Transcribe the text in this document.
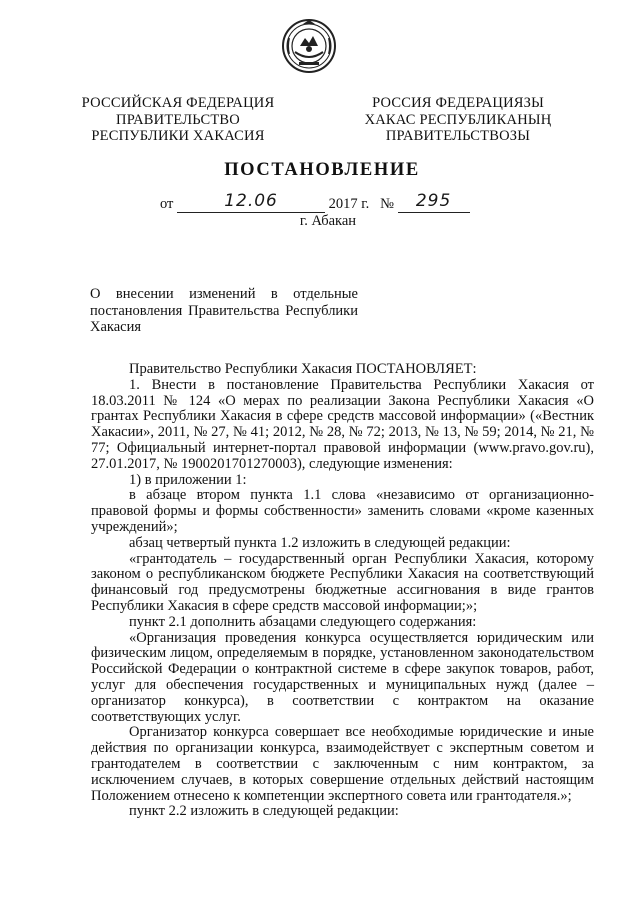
РОССИЙСКАЯ ФЕДЕРАЦИЯ
ПРАВИТЕЛЬСТВО
РЕСПУБЛИКИ ХАКАСИЯ
РОССИЯ ФЕДЕРАЦИЯЗЫ
ХАКАС РЕСПУБЛИКАНЫҢ
ПРАВИТЕЛЬСТВОЗЫ
ПОСТАНОВЛЕНИЕ
от	12.06	2017 г. № 295
г. Абакан
О внесении изменений в отдельные
постановления Правительства Республики
Хакасия

Правительство Республики Хакасия ПОСТАНОВЛЯЕТ:

1. Внести в постановление Правительства Республики Хакасия от 18.03.2011 № 124 «О мерах по реализации Закона Республики Хакасия «О грантах Республики Хакасия в сфере средств массовой информации» («Вестник Хакасии», 2011, № 27, № 41; 2012, № 28, № 72; 2013, № 13, № 59; 2014, № 21, № 77; Официальный интернет-портал правовой информации (www.pravo.gov.ru), 27.01.2017, № 1900201701270003), следующие изменения:

1) в приложении 1:

в абзаце втором пункта 1.1 слова «независимо от организационно-правовой формы и формы собственности» заменить словами «кроме казенных учреждений»;

абзац четвертый пункта 1.2 изложить в следующей редакции:

«грантодатель – государственный орган Республики Хакасия, которому законом о республиканском бюджете Республики Хакасия на соответствующий финансовый год предусмотрены бюджетные ассигнования в виде грантов Республики Хакасия в сфере средств массовой информации;»;

пункт 2.1 дополнить абзацами следующего содержания:

«Организация проведения конкурса осуществляется юридическим или физическим лицом, определяемым в порядке, установленном законодательством Российской Федерации о контрактной системе в сфере закупок товаров, работ, услуг для обеспечения государственных и муниципальных нужд (далее – организатор конкурса), в соответствии с контрактом на оказание соответствующих услуг.

Организатор конкурса совершает все необходимые юридические и иные действия по организации конкурса, взаимодействует с экспертным советом и грантодателем в соответствии с заключенным с ним контрактом, за исключением случаев, в которых совершение отдельных действий настоящим Положением отнесено к компетенции экспертного совета или грантодателя.»;

пункт 2.2 изложить в следующей редакции:
